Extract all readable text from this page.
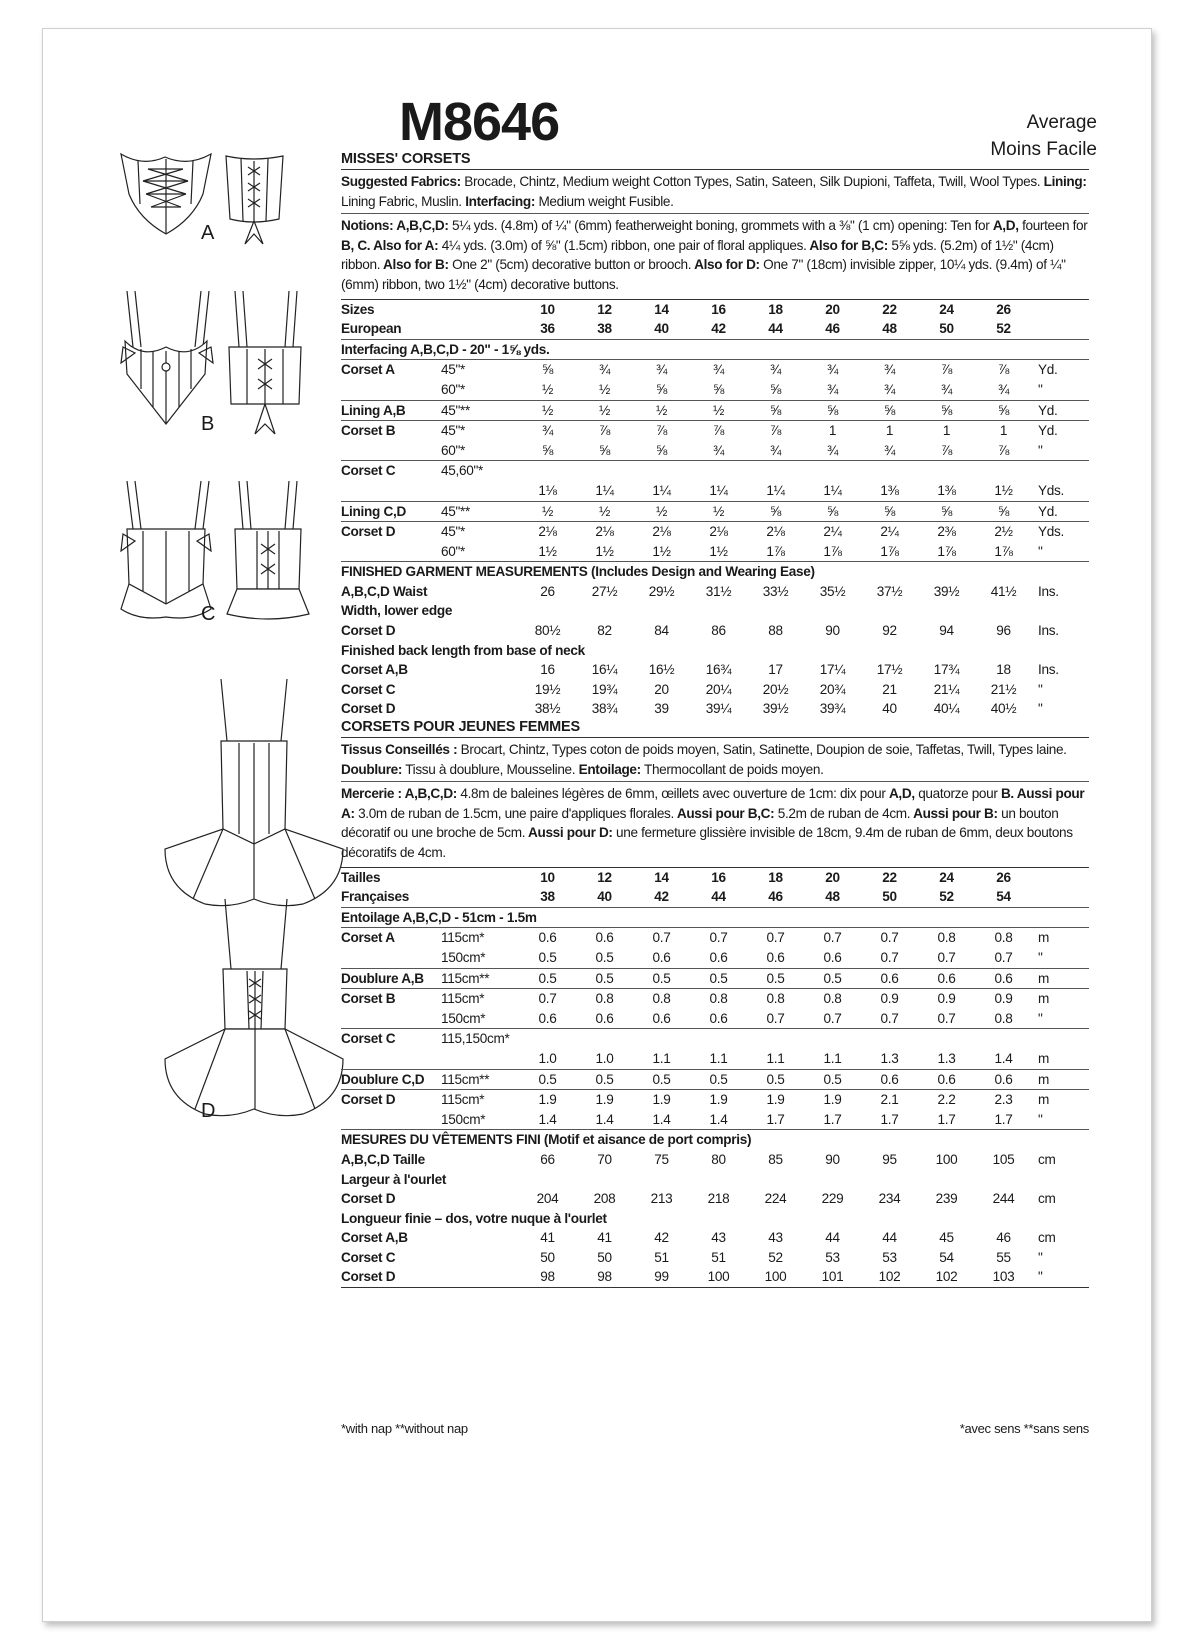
M8646	Average
Moins Facile
A
B
C
D
MISSES' CORSETS
Suggested Fabrics: Brocade, Chintz, Medium weight Cotton Types, Satin, Sateen, Silk Dupioni, Taffeta, Twill, Wool Types. Lining: Lining Fabric, Muslin. Interfacing: Medium weight Fusible.
Notions: A,B,C,D: 5¼ yds. (4.8m) of ¼" (6mm) featherweight boning, grommets with a ⅜" (1 cm) opening: Ten for A,D, fourteen for B, C. Also for A: 4¼ yds. (3.0m) of ⅝" (1.5cm) ribbon, one pair of floral appliques. Also for B,C: 5⅝ yds. (5.2m) of 1½" (4cm) ribbon. Also for B: One 2" (5cm) decorative button or brooch. Also for D: One 7" (18cm) invisible zipper, 10¼ yds. (9.4m) of ¼" (6mm) ribbon, two 1½" (4cm) decorative buttons.
Sizes		10	12	14	16	18	20	22	24	26	
European		36	38	40	42	44	46	48	50	52	
Interfacing A,B,C,D - 20" - 1⅝ yds.											
Corset A	45"*	⅝	¾	¾	¾	¾	¾	¾	⅞	⅞	Yd.
	60"*	½	½	⅝	⅝	⅝	¾	¾	¾	¾	"
Lining A,B	45"**	½	½	½	½	⅝	⅝	⅝	⅝	⅝	Yd.
Corset B	45"*	¾	⅞	⅞	⅞	⅞	1	1	1	1	Yd.
	60"*	⅝	⅝	⅝	¾	¾	¾	¾	⅞	⅞	"
Corset C	45,60"*										
		1⅛	1¼	1¼	1¼	1¼	1¼	1⅜	1⅜	1½	Yds.
Lining C,D	45"**	½	½	½	½	⅝	⅝	⅝	⅝	⅝	Yd.
Corset D	45"*	2⅛	2⅛	2⅛	2⅛	2⅛	2¼	2¼	2⅜	2½	Yds.
	60"*	1½	1½	1½	1½	1⅞	1⅞	1⅞	1⅞	1⅞	"
FINISHED GARMENT MEASUREMENTS (Includes Design and Wearing Ease)											
A,B,C,D Waist		26	27½	29½	31½	33½	35½	37½	39½	41½	Ins.
Width, lower edge											
Corset D		80½	82	84	86	88	90	92	94	96	Ins.
Finished back length from base of neck											
Corset A,B		16	16¼	16½	16¾	17	17¼	17½	17¾	18	Ins.
Corset C		19½	19¾	20	20¼	20½	20¾	21	21¼	21½	"
Corset D		38½	38¾	39	39¼	39½	39¾	40	40¼	40½	"
CORSETS POUR JEUNES FEMMES
Tissus Conseillés : Brocart, Chintz, Types coton de poids moyen, Satin, Satinette, Doupion de soie, Taffetas, Twill, Types laine. Doublure: Tissu à doublure, Mousseline. Entoilage: Thermocollant de poids moyen.
Mercerie : A,B,C,D: 4.8m de baleines légères de 6mm, œillets avec ouverture de 1cm: dix pour A,D, quatorze pour B. Aussi pour A: 3.0m de ruban de 1.5cm, une paire d'appliques florales. Aussi pour B,C: 5.2m de ruban de 4cm. Aussi pour B: un bouton décoratif ou une broche de 5cm. Aussi pour D: une fermeture glissière invisible de 18cm, 9.4m de ruban de 6mm, deux boutons décoratifs de 4cm.
Tailles		10	12	14	16	18	20	22	24	26	
Françaises		38	40	42	44	46	48	50	52	54	
Entoilage A,B,C,D - 51cm - 1.5m											
Corset A	115cm*	0.6	0.6	0.7	0.7	0.7	0.7	0.7	0.8	0.8	m
	150cm*	0.5	0.5	0.6	0.6	0.6	0.6	0.7	0.7	0.7	"
Doublure A,B	115cm**	0.5	0.5	0.5	0.5	0.5	0.5	0.6	0.6	0.6	m
Corset B	115cm*	0.7	0.8	0.8	0.8	0.8	0.8	0.9	0.9	0.9	m
	150cm*	0.6	0.6	0.6	0.6	0.7	0.7	0.7	0.7	0.8	"
Corset C	115,150cm*										
		1.0	1.0	1.1	1.1	1.1	1.1	1.3	1.3	1.4	m
Doublure C,D	115cm**	0.5	0.5	0.5	0.5	0.5	0.5	0.6	0.6	0.6	m
Corset D	115cm*	1.9	1.9	1.9	1.9	1.9	1.9	2.1	2.2	2.3	m
	150cm*	1.4	1.4	1.4	1.4	1.7	1.7	1.7	1.7	1.7	"
MESURES DU VÊTEMENTS FINI (Motif et aisance de port compris)											
A,B,C,D Taille		66	70	75	80	85	90	95	100	105	cm
Largeur à l'ourlet											
Corset D		204	208	213	218	224	229	234	239	244	cm
Longueur finie – dos, votre nuque à l'ourlet											
Corset A,B		41	41	42	43	43	44	44	45	46	cm
Corset C		50	50	51	51	52	53	53	54	55	"
Corset D		98	98	99	100	100	101	102	102	103	"
*with nap **without nap	*avec sens **sans sens
